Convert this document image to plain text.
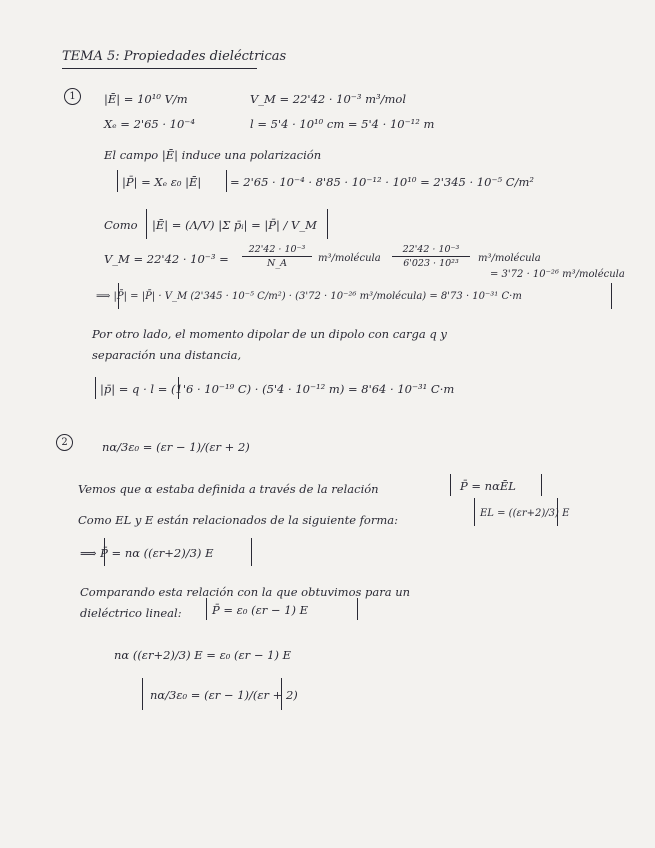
TEMA 5: Propiedades dieléctricas
1	|Ē| = 10¹⁰ V/m	V_M = 22'42 · 10⁻³ m³/mol
Xₑ = 2'65 · 10⁻⁴	l = 5'4 · 10¹⁰ cm = 5'4 · 10⁻¹² m
El campo |Ē| induce una polarización
|P̄| = Xₑ ε₀ |Ē| = 2'65 · 10⁻⁴ · 8'85 · 10⁻¹² · 10¹⁰ = 2'345 · 10⁻⁵ C/m²
Como |Ē| = (Λ/V) |Σ p̄ᵢ| = |P̄| / V_M
V_M = 22'42 · 10⁻³ =
22'42 · 10⁻³
N_A	m³/molécula
22'42 · 10⁻³
6'023 · 10²³	m³/molécula
= 3'72 · 10⁻²⁶ m³/molécula
⟹ |P̄| = |P̄| · V_M (2'345 · 10⁻⁵ C/m²) · (3'72 · 10⁻²⁶ m³/molécula) = 8'73 · 10⁻³¹ C·m
Por otro lado, el momento dipolar de un dipolo con carga q y
separación una distancia,
|p̄| = q · l = (1'6 · 10⁻¹⁹ C) · (5'4 · 10⁻¹² m) = 8'64 · 10⁻³¹ C·m
2	nα/3ε₀ = (εr − 1)/(εr + 2)
Vemos que α estaba definida a través de la relación	P̄ = nαĒL
Como EL y E están relacionados de la siguiente forma:	EL = ((εr+2)/3) E
⟹ P̄ = nα ((εr+2)/3) E
Comparando esta relación con la que obtuvimos para un
dieléctrico lineal:	P̄ = ε₀ (εr − 1) E
nα ((εr+2)/3) E = ε₀ (εr − 1) E
nα/3ε₀ = (εr − 1)/(εr + 2)
